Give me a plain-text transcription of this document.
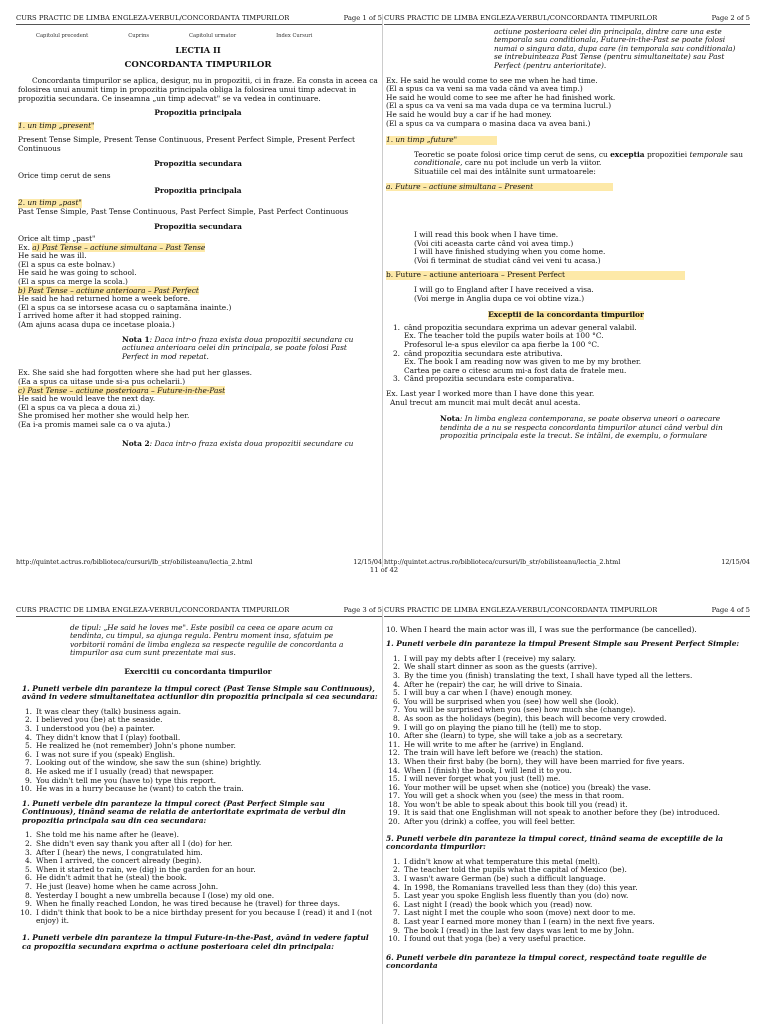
CURS PRACTIC DE LIMBA ENGLEZA-VERBUL/CONCORDANTA TIMPURILOR	Page 1 of 5
Capitolul precedent	Cuprins	Capitolul urmator	Index Cursuri
LECTIA II
CONCORDANTA TIMPURILOR

Concordanta timpurilor se aplica, desigur, nu in propozitii, ci in fraze. Ea consta in aceea ca folosirea unui anumit timp in propozitia principala obliga la folosirea unui timp adecvat in propozitia secundara. Ce inseamna „un timp adecvat" se va vedea in continuare.

Propozitia principala

1. un timp „present"

Present Tense Simple, Present Tense Continuous, Present Perfect Simple, Present Perfect Continuous

Propozitia secundara

Orice timp cerut de sens

Propozitia principala
2. un timp „past"

Past Tense Simple, Past Tense Continuous, Past Perfect Simple, Past Perfect Continuous

Propozitia secundara
Orice alt timp „past"
Ex. a) Past Tense – actiune simultana – Past Tense
He said he was ill.
(El a spus ca este bolnav.)
He said he was going to school.
(El a spus ca merge la scola.)
b) Past Tense – actiune anterioara – Past Perfect
He said he had returned home a week before.
(El a spus ca se intorsese acasa cu o saptamâna inainte.)
I arrived home after it had stopped raining.
(Am ajuns acasa dupa ce incetase ploaia.)

Nota 1: Daca intr-o fraza exista doua propozitii secundara cu actiunea anterioara celei din principala, se poate folosi Past Perfect in mod repetat.

Ex. She said she had forgotten where she had put her glasses.
(Ea a spus ca uitase unde si-a pus ochelarii.)
c) Past Tense – actiune posterioara – Future-in-the-Past
He said he would leave the next day.
(El a spus ca va pleca a doua zi.)
She promised her mother she would help her.
(Ea i-a promis mamei sale ca o va ajuta.)

Nota 2: Daca intr-o fraza exista doua propozitii secundare cu

http://quintet.actrus.ro/biblioteca/cursuri/lb_str/obilisteanu/lectia_2.html	12/15/04
CURS PRACTIC DE LIMBA ENGLEZA-VERBUL/CONCORDANTA TIMPURILOR	Page 2 of 5

actiune posterioara celei din principala, dintre care una este temporala sau conditionala, Future-in-the-Past se poate folosi numai o singura data, dupa care (in temporala sau conditionala) se intrebuinteaza Past Tense (pentru simultaneitate) sau Past Perfect (pentru anterioritate).

Ex. He said he would come to see me when he had time.
(El a spus ca va veni sa ma vada când va avea timp.)
He said he would come to see me after he had finished work.
(El a spus ca va veni sa ma vada dupa ce va termina lucrul.)
He said he would buy a car if he had money.
(El a spus ca va cumpara o masina daca va avea bani.)

1. un timp „future"

Teoretic se poate folosi orice timp cerut de sens, cu exceptia propozitiei temporale sau conditionale, care nu pot include un verb la viitor.

Situatiile cel mai des intâlnite sunt urmatoarele:

a. Future – actiune simultana – Present

I will read this book when I have time.
(Voi citi aceasta carte când voi avea timp.)
I will have finished studying when you come home.
(Voi fi terminat de studiat când vei veni tu acasa.)

b. Future – actiune anterioara – Present Perfect

I will go to England after I have received a visa.
(Voi merge in Anglia dupa ce voi obtine viza.)
Exceptii de la concordanta timpurilor
1. când propozitia secundara exprima un adevar general valabil.
Ex. The teacher told the pupils water boils at 100 °C.
Profesorul le-a spus elevilor ca apa fierbe la 100 °C.
2. când propozitia secundara este atributiva.
Ex. The book I am reading now was given to me by my brother.
Cartea pe care o citesc acum mi-a fost data de fratele meu.
3. Când propozitia secundara este comparativa.
Ex. Last year I worked more than I have done this year.
Anul trecut am muncit mai mult decât anul acesta.

Nota: In limba engleza contemporana, se poate observa uneori o oarecare tendinta de a nu se respecta concordanta timpurilor atunci când verbul din propozitia principala este la trecut. Se intâlni, de exemplu, o formulare

http://quintet.actrus.ro/biblioteca/cursuri/lb_str/obilisteanu/lectia_2.html	12/15/04
11 of 42
CURS PRACTIC DE LIMBA ENGLEZA-VERBUL/CONCORDANTA TIMPURILOR	Page 3 of 5

de tipul: „He said he loves me". Este posibil ca ceea ce apare acum ca tendinta, cu timpul, sa ajunga regula. Pentru moment insa, sfatuim pe vorbitorii români de limba engleza sa respecte regulile de concordanta a timpurilor asa cum sunt prezentate mai sus.

Exercitii cu concordanta timpurilor

1. Puneti verbele din paranteze la timpul corect (Past Tense Simple sau Continuous), având in vedere simultaneitatea actiunilor din propozitia principala si cea secundara:

1. It was clear they (talk) business again.
2. I believed you (be) at the seaside.
3. I understood you (be) a painter.
4. They didn't know that I (play) football.
5. He realized he (not remember) John's phone number.
6. I was not sure if you (speak) English.
7. Looking out of the window, she saw the sun (shine) brightly.
8. He asked me if I usually (read) that newspaper.
9. You didn't tell me you (have to) type this report.
10. He was in a hurry because he (want) to catch the train.

1. Puneti verbele din paranteze la timpul corect (Past Perfect Simple sau Continuous), tinând seama de relatia de anterioritate exprimata de verbul din propozitia principala sau din cea secundara:

1. She told me his name after he (leave).
2. She didn't even say thank you after all I (do) for her.
3. After I (hear) the news, I congratulated him.
4. When I arrived, the concert already (begin).
5. When it started to rain, we (dig) in the garden for an hour.
6. He didn't admit that he (steal) the book.
7. He just (leave) home when he came across John.
8. Yesterday I bought a new umbrella because I (lose) my old one.
9. When he finally reached London, he was tired because he (travel) for three days.
10. I didn't think that book to be a nice birthday present for you because I (read) it and I (not enjoy) it.

1. Puneti verbele din paranteze la timpul Future-in-the-Past, având in vedere faptul ca propozitia secundara exprima o actiune posterioara celei din principala:

CURS PRACTIC DE LIMBA ENGLEZA-VERBUL/CONCORDANTA TIMPURILOR	Page 4 of 5

10. When I heard the main actor was ill, I was sue the performance (be cancelled).

1. Puneti verbele din paranteze la timpul Present Simple sau Present Perfect Simple:

1. I will pay my debts after I (receive) my salary.
2. We shall start dinner as soon as the guests (arrive).
3. By the time you (finish) translating the text, I shall have typed all the letters.
4. After he (repair) the car, he will drive to Sinaia.
5. I will buy a car when I (have) enough money.
6. You will be surprised when you (see) how well she (look).
7. You will be surprised when you (see) how much she (change).
8. As soon as the holidays (begin), this beach will become very crowded.
9. I will go on playing the piano till he (tell) me to stop.
10. After she (learn) to type, she will take a job as a secretary.
11. He will write to me after he (arrive) in England.
12. The train will have left before we (reach) the station.
13. When their first baby (be born), they will have been married for five years.
14. When I (finish) the book, I will lend it to you.
15. I will never forget what you just (tell) me.
16. Your mother will be upset when she (notice) you (break) the vase.
17. You will get a shock when you (see) the mess in that room.
18. You won't be able to speak about this book till you (read) it.
19. It is said that one Englishman will not speak to another before they (be) introduced.
20. After you (drink) a coffee, you will feel better.

5. Puneti verbele din paranteze la timpul corect, tinând seama de exceptiile de la concordanta timpurilor:

1. I didn't know at what temperature this metal (melt).
2. The teacher told the pupils what the capital of Mexico (be).
3. I wasn't aware German (be) such a difficult language.
4. In 1998, the Romanians travelled less than they (do) this year.
5. Last year you spoke English less fluently than you (do) now.
6. Last night I (read) the book which you (read) now.
7. Last night I met the couple who soon (move) next door to me.
8. Last year I earned more money than I (earn) in the next five years.
9. The book I (read) in the last few days was lent to me by John.
10. I found out that yoga (be) a very useful practice.

6. Puneti verbele din paranteze la timpul corect, respectând toate regulile de concordanta
